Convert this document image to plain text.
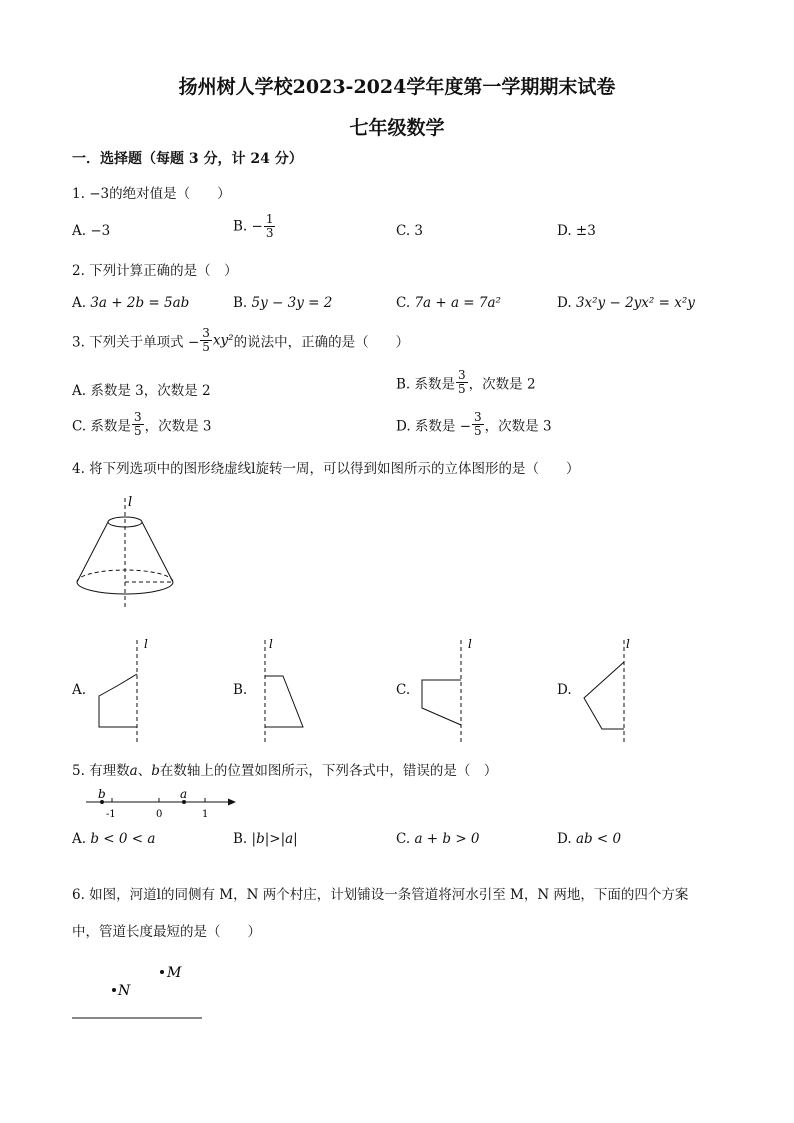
扬州树人学校2023-2024学年度第一学期期末试卷
七年级数学
一．选择题（每题 3 分，计 24 分）
1. −3的绝对值是（　　）
A. −3	B. − $\frac{1}{3}$	C. 3	D. ±3
2. 下列计算正确的是（　）
A. 3a + 2b = 5ab	B. 5y − 3y = 2	C. 7a + a = 7a²	D. 3x²y − 2yx² = x²y
3. 下列关于单项式 − $\frac{3}{5} xy^2$的说法中，正确的是（　　）
A. 系数是 3，次数是 2	B. 系数是 $\frac{3}{5}$ ，次数是 2
C. 系数是 $\frac{3}{5}$ ，次数是 3	D. 系数是 − $\frac{3}{5}$ ，次数是 3
4. 将下列选项中的图形绕虚线l旋转一周，可以得到如图所示的立体图形的是（　　）
l
A.
l
B.
l
C.
l
D.
l
5. 有理数a、b在数轴上的位置如图所示，下列各式中，错误的是（　）
b	a
-1	0	1
A. b < 0 < a	B. |b|>|a|	C. a + b > 0	D. ab < 0
6. 如图，河道l的同侧有 M，N 两个村庄，计划铺设一条管道将河水引至 M，N 两地，下面的四个方案
中，管道长度最短的是（　　）
M
N
